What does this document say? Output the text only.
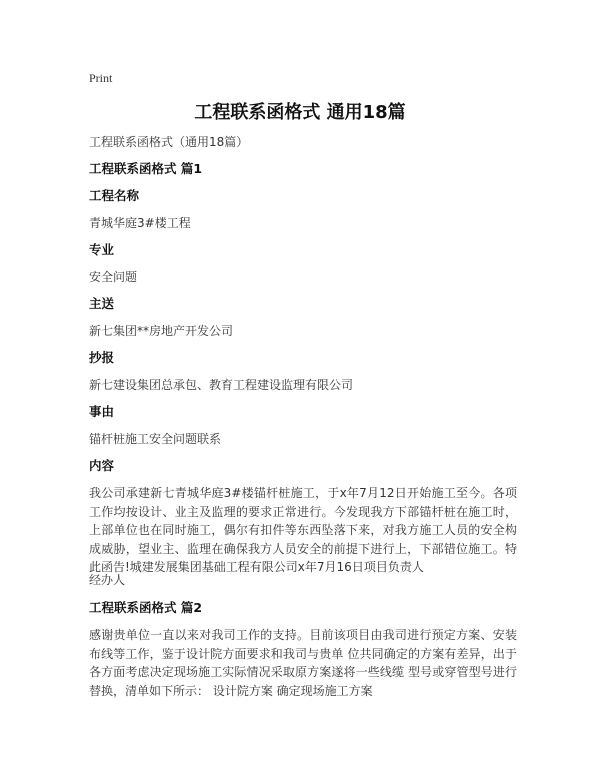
Print
工程联系函格式 通用18篇
工程联系函格式（通用18篇）
工程联系函格式 篇1
工程名称
青城华庭3#楼工程
专业
安全问题
主送
新七集团**房地产开发公司
抄报
新七建设集团总承包、教育工程建设监理有限公司
事由
锚杆桩施工安全问题联系
内容
我公司承建新七青城华庭3#楼锚杆桩施工，于x年7月12日开始施工至今。各项工作均按设计、业主及监理的要求正常进行。今发现我方下部锚杆桩在施工时，上部单位也在同时施工，偶尔有扣件等东西坠落下来，对我方施工人员的安全构成威胁，望业主、监理在确保我方人员安全的前提下进行上，下部错位施工。特此函告!城建发展集团基础工程有限公司x年7月16日项目负责人
经办人
工程联系函格式 篇2
感谢贵单位一直以来对我司工作的支持。目前该项目由我司进行预定方案、安装布线等工作，鉴于设计院方面要求和我司与贵单 位共同确定的方案有差异，出于各方面考虑决定现场施工实际情况采取原方案遂将一些线缆 型号或穿管型号进行替换，清单如下所示： 设计院方案 确定现场施工方案
